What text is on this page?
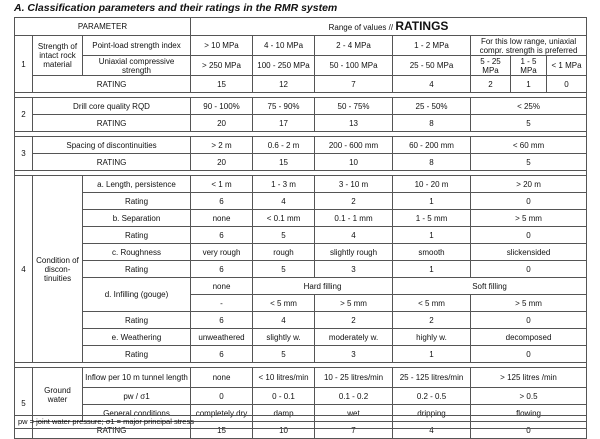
A. Classification parameters and their ratings in the RMR system
PARAMETER			Range of values // RATINGS						
1	Strength of intact rock material	Point-load strength index	> 10 MPa	4 - 10 MPa	2 - 4 MPa	1 - 2 MPa	For this low range, uniaxial compr. strength is preferred		
		Uniaxial compressive strength	> 250 MPa	100 - 250 MPa	50 - 100 MPa	25 - 50 MPa	5 - 25 MPa	1 - 5 MPa	< 1 MPa
	RATING		15	12	7	4	2	1	0

2	Drill core quality RQD		90 - 100%	75 - 90%	50 - 75%	25 - 50%	< 25%		
	RATING		20	17	13	8	5		

3	Spacing of discontinuities		> 2 m	0.6 - 2 m	200 - 600 mm	60 - 200 mm	< 60 mm		
	RATING		20	15	10	8	5		

4	Condition of discon-tinuities	a. Length, persistence	< 1 m	1 - 3 m	3 - 10 m	10 - 20 m	> 20 m		
		Rating	6	4	2	1	0		
		b. Separation	none	< 0.1 mm	0.1 - 1 mm	1 - 5 mm	> 5 mm		
		Rating	6	5	4	1	0		
		c. Roughness	very rough	rough	slightly rough	smooth	slickensided		
		Rating	6	5	3	1	0		
		d. Infilling (gouge)	none	Hard filling		Soft filling			
			-	< 5 mm	> 5 mm	< 5 mm	> 5 mm		
		Rating	6	4	2	2	0		
		e. Weathering	unweathered	slightly w.	moderately w.	highly w.	decomposed		
		Rating	6	5	3	1	0		

5	Ground water	Inflow per 10 m tunnel length	none	< 10 litres/min	10 - 25 litres/min	25 - 125 litres/min	> 125 litres /min		
		pw / σ1	0	0 - 0.1	0.1 - 0.2	0.2 - 0.5	> 0.5		
		General conditions	completely dry	damp	wet	dripping	flowing		
	RATING		15	10	7	4	0		
pw = joint water pressure; σ1 = major principal stress
